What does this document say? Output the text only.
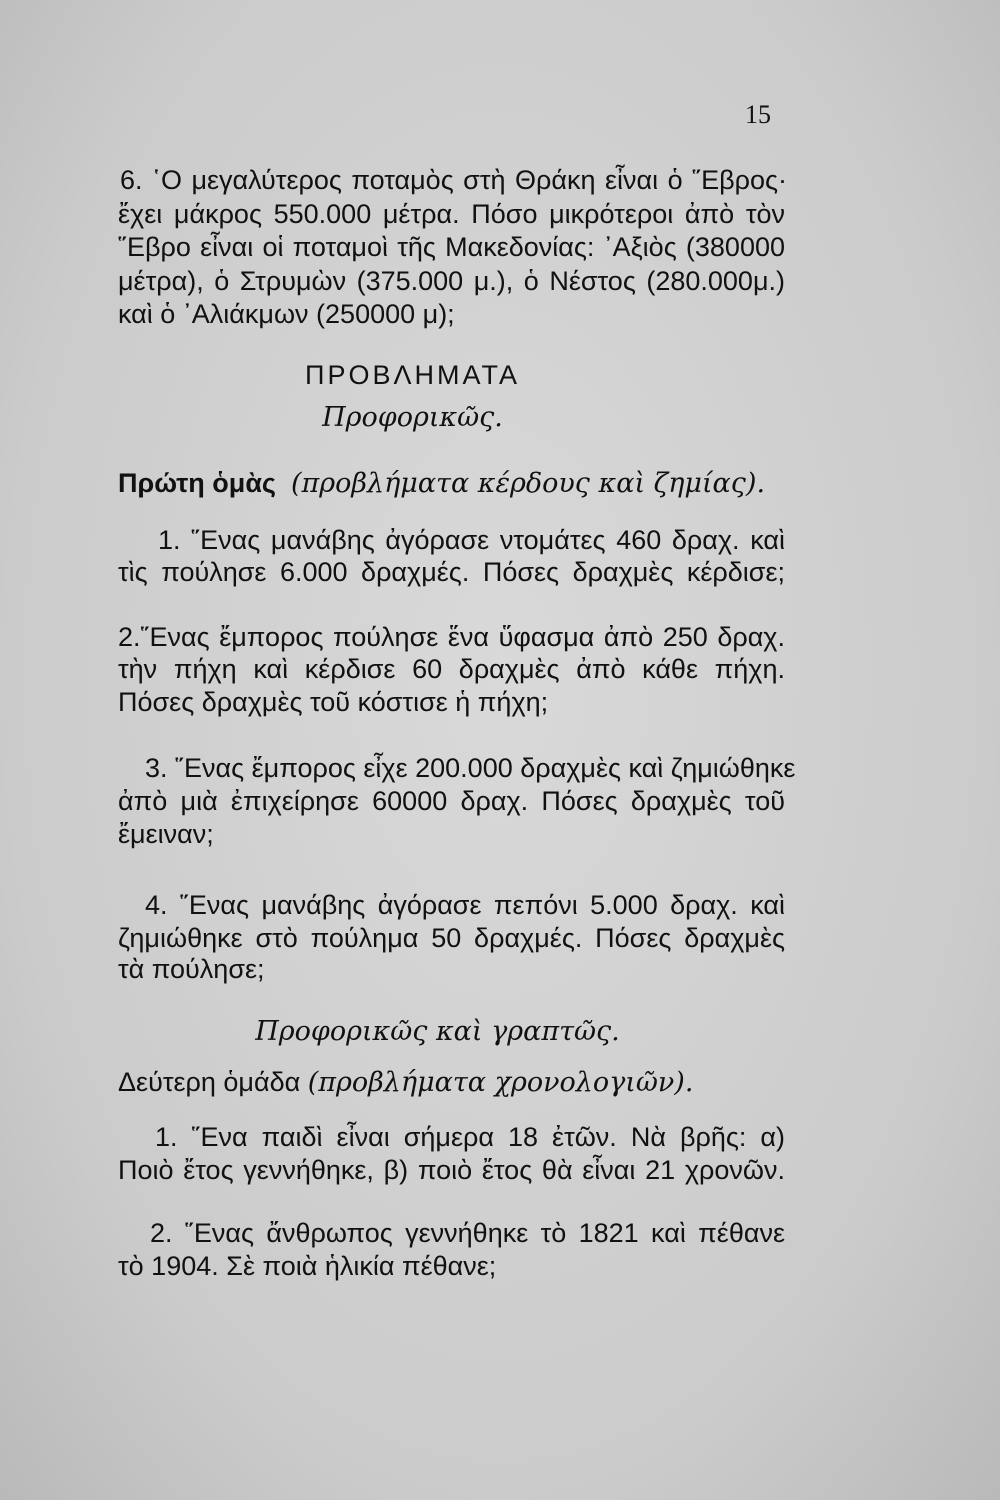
15
6. ῾Ο μεγαλύτερος ποταμὸς στὴ Θράκη εἶναι ὁ ῞Εβρος·
ἔχει μάκρος 550.000 μέτρα. Πόσο μικρότεροι ἀπὸ τὸν
῞Εβρο εἶναι οἱ ποταμοὶ τῆς Μακεδονίας: ᾿Αξιὸς (380000
μέτρα), ὁ Στρυμὼν (375.000 μ.), ὁ Νέστος (280.000μ.)
καὶ ὁ ᾿Αλιάκμων (250000 μ);
ΠΡΟΒΛΗΜΑΤΑ
Προφορικῶς.
Πρώτη ὁμὰς (προβλήματα κέρδους καὶ ζημίας).
1. ῞Ενας μανάβης ἀγόρασε ντομάτες 460 δραχ. καὶ
τὶς πούλησε 6.000 δραχμές. Πόσες δραχμὲς κέρδισε;
2.῞Ενας ἔμπορος πούλησε ἕνα ὕφασμα ἀπὸ 250 δραχ.
τὴν πήχη καὶ κέρδισε 60 δραχμὲς ἀπὸ κάθε πήχη.
Πόσες δραχμὲς τοῦ κόστισε ἡ πήχη;
3. ῞Ενας ἔμπορος εἶχε 200.000 δραχμὲς καὶ ζημιώθηκε
ἀπὸ μιὰ ἐπιχείρησε 60000 δραχ. Πόσες δραχμὲς τοῦ
ἔμειναν;
4. ῞Ενας μανάβης ἀγόρασε πεπόνι 5.000 δραχ. καὶ
ζημιώθηκε στὸ πούλημα 50 δραχμές. Πόσες δραχμὲς
τὰ πούλησε;
Προφορικῶς καὶ γραπτῶς.
Δεύτερη ὁμάδα (προβλήματα χρονολογιῶν).
1. ῞Ενα παιδὶ εἶναι σήμερα 18 ἐτῶν. Νὰ βρῆς: α)
Ποιὸ ἔτος γεννήθηκε, β) ποιὸ ἔτος θὰ εἶναι 21 χρονῶν.
2. ῞Ενας ἄνθρωπος γεννήθηκε τὸ 1821 καὶ πέθανε
τὸ 1904. Σὲ ποιὰ ἡλικία πέθανε;
